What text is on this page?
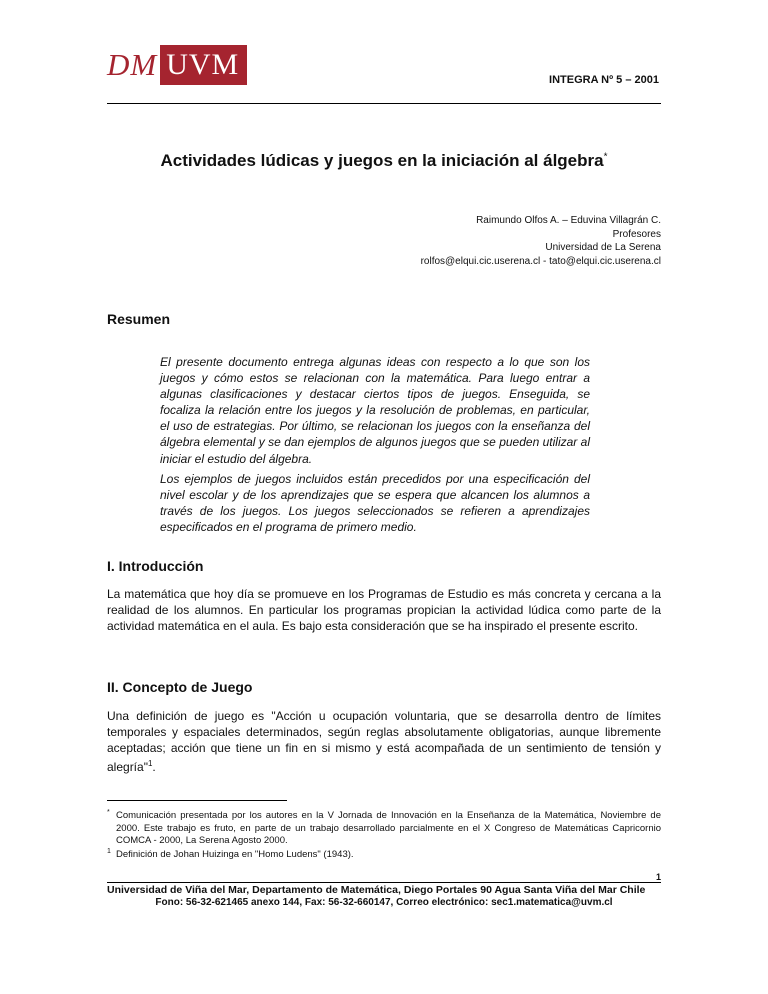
DM UVM	INTEGRA Nº 5 – 2001
Actividades lúdicas y juegos en la iniciación al álgebra*
Raimundo Olfos A. – Eduvina Villagrán C.
Profesores
Universidad de La Serena
rolfos@elqui.cic.userena.cl - tato@elqui.cic.userena.cl
Resumen

El presente documento entrega algunas ideas con respecto a lo que son los juegos y cómo estos se relacionan con la matemática. Para luego entrar a algunas clasificaciones y destacar ciertos tipos de juegos. Enseguida, se focaliza la relación entre los juegos y la resolución de problemas, en particular, el uso de estrategias. Por último, se relacionan los juegos con la enseñanza del álgebra elemental y se dan ejemplos de algunos juegos que se pueden utilizar al iniciar el estudio del álgebra.

Los ejemplos de juegos incluidos están precedidos por una especificación del nivel escolar y de los aprendizajes que se espera que alcancen los alumnos a través de los juegos. Los juegos seleccionados se refieren a aprendizajes especificados en el programa de primero medio.

I. Introducción

La matemática que hoy día se promueve en los Programas de Estudio es más concreta y cercana a la realidad de los alumnos. En particular los programas propician la actividad lúdica como parte de la actividad matemática en el aula. Es bajo esta consideración que se ha inspirado el presente escrito.

II. Concepto de Juego

Una definición de juego es "Acción u ocupación voluntaria, que se desarrolla dentro de límites temporales y espaciales determinados, según reglas absolutamente obligatorias, aunque libremente aceptadas; acción que tiene un fin en si mismo y está acompañada de un sentimiento de tensión y alegría"$^1$.

* Comunicación presentada por los autores en la V Jornada de Innovación en la Enseñanza de la Matemática, Noviembre de 2000. Este trabajo es fruto, en parte de un trabajo desarrollado parcialmente en el X Congreso de Matemáticas Capricornio COMCA - 2000, La Serena Agosto 2000.

1 Definición de Johan Huizinga en "Homo Ludens" (1943).

1
Universidad de Viña del Mar, Departamento de Matemática, Diego Portales 90 Agua Santa Viña del Mar Chile
Fono: 56-32-621465 anexo 144, Fax: 56-32-660147, Correo electrónico: sec1.matematica@uvm.cl
